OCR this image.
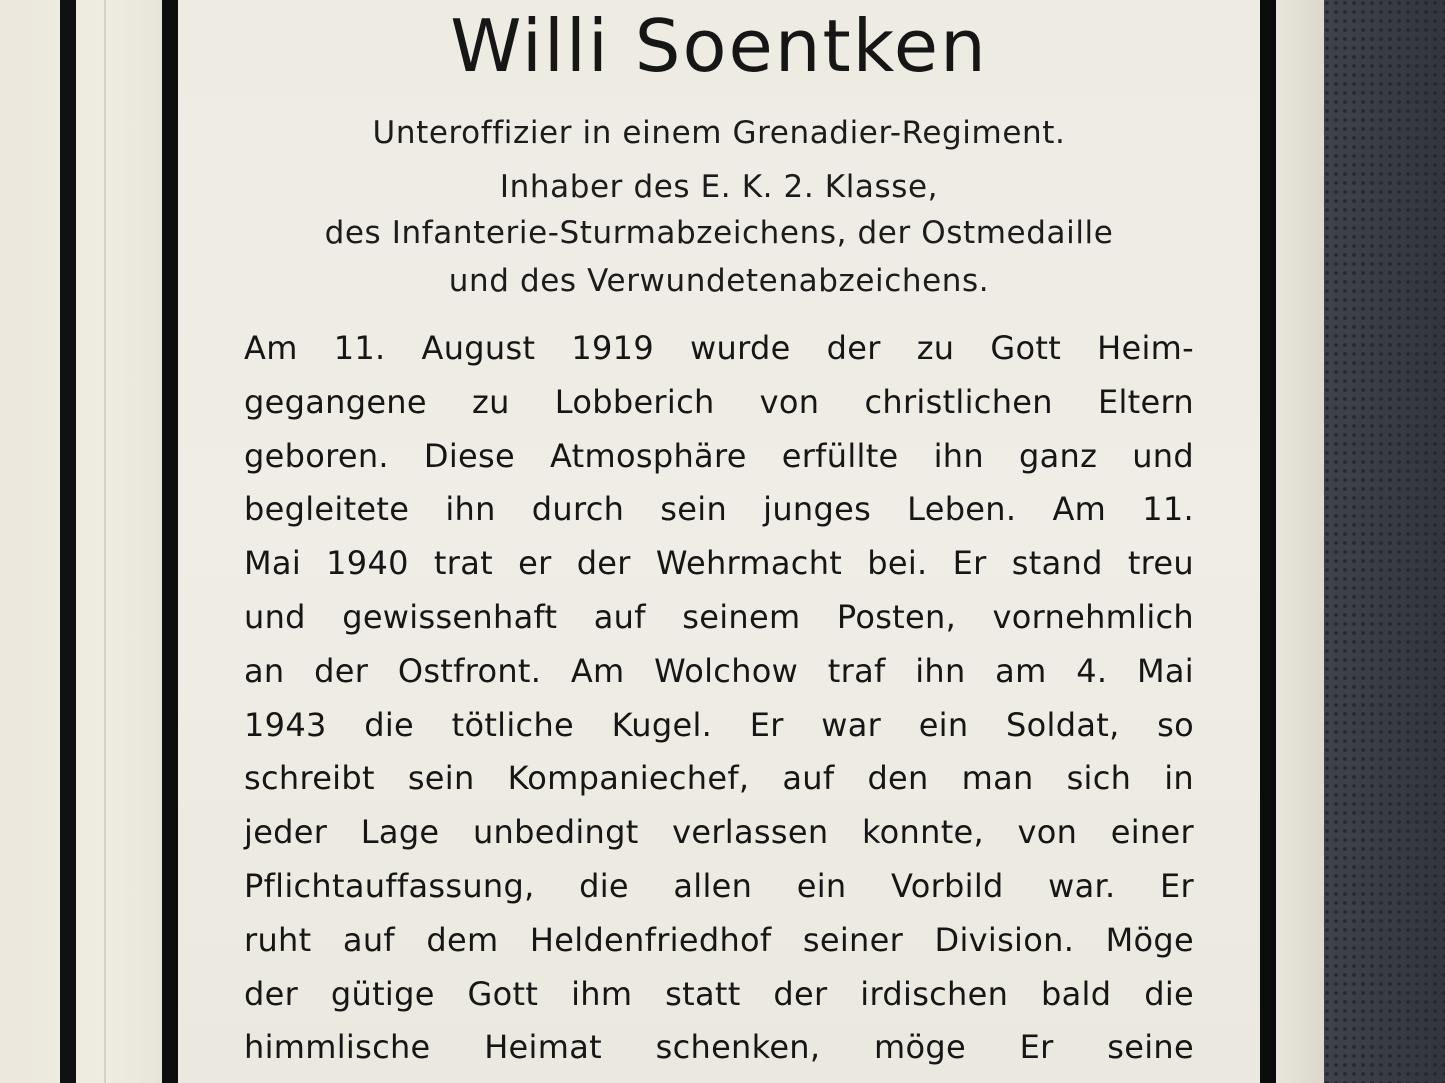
Willi Soentken
Unteroffizier in einem Grenadier-Regiment.
Inhaber des E. K. 2. Klasse,
des Infanterie-Sturmabzeichens, der Ostmedaille
und des Verwundetenabzeichens.
Am 11. August 1919 wurde der zu Gott Heim-
gegangene zu Lobberich von christlichen Eltern
geboren. Diese Atmosphäre erfüllte ihn ganz und
begleitete ihn durch sein junges Leben. Am 11.
Mai 1940 trat er der Wehrmacht bei. Er stand treu
und gewissenhaft auf seinem Posten, vornehmlich
an der Ostfront. Am Wolchow traf ihn am 4. Mai
1943 die tötliche Kugel. Er war ein Soldat, so
schreibt sein Kompaniechef, auf den man sich in
jeder Lage unbedingt verlassen konnte, von einer
Pflichtauffassung, die allen ein Vorbild war. Er
ruht auf dem Heldenfriedhof seiner Division. Möge
der gütige Gott ihm statt der irdischen bald die
himmlische Heimat schenken, möge Er seine
